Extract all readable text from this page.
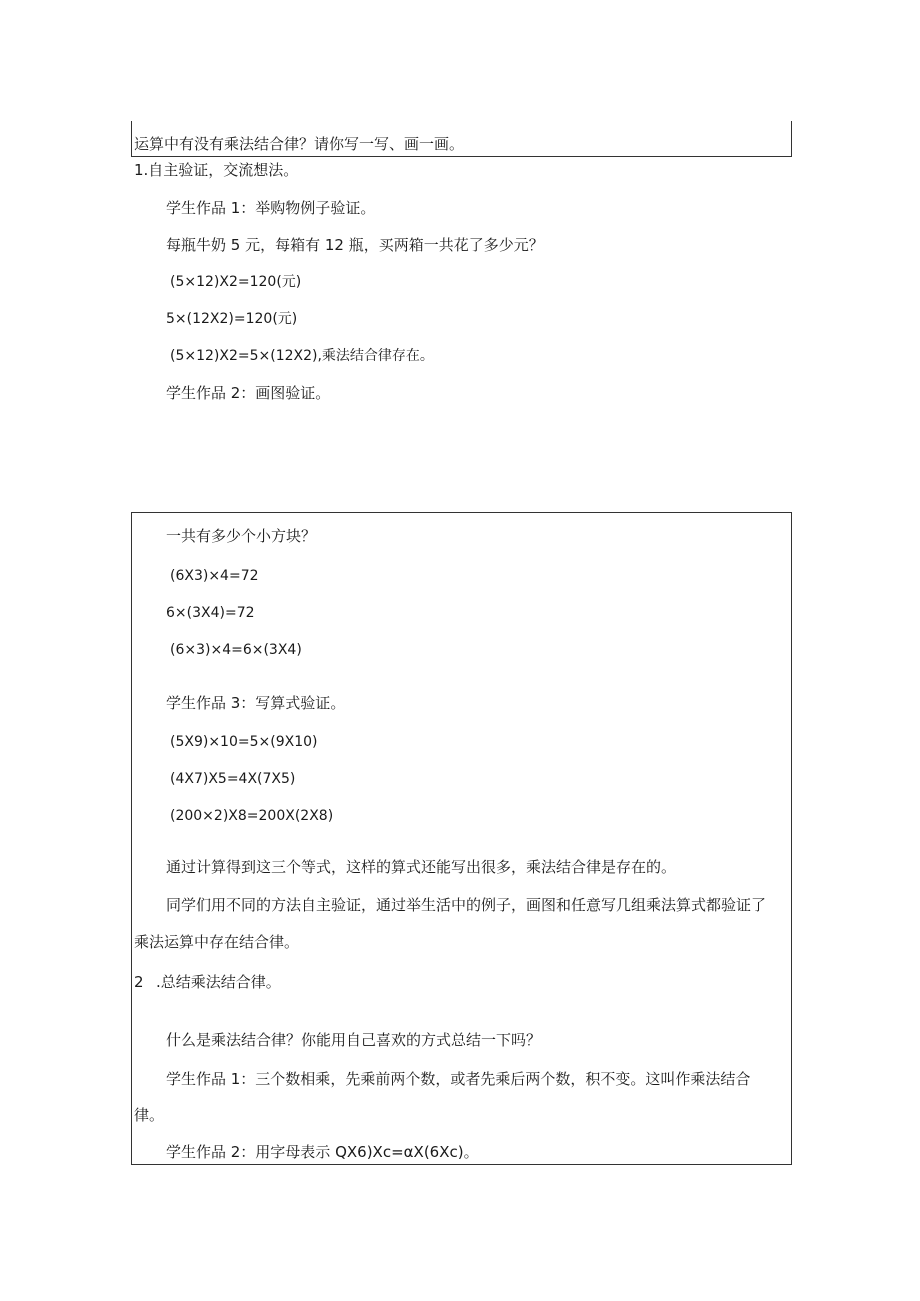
运算中有没有乘法结合律？请你写一写、画一画。
1.自主验证，交流想法。
学生作品 1：举购物例子验证。
每瓶牛奶 5 元，每箱有 12 瓶，买两箱一共花了多少元？
(5×12)X2=120(元)
5×(12X2)=120(元)
(5×12)X2=5×(12X2),乘法结合律存在。
学生作品 2：画图验证。
一共有多少个小方块？
(6X3)×4=72
6×(3X4)=72
(6×3)×4=6×(3X4)
学生作品 3：写算式验证。
(5X9)×10=5×(9X10)
(4X7)X5=4X(7X5)
(200×2)X8=200X(2X8)
通过计算得到这三个等式，这样的算式还能写出很多，乘法结合律是存在的。
同学们用不同的方法自主验证，通过举生活中的例子，画图和任意写几组乘法算式都验证了
乘法运算中存在结合律。
2 .总结乘法结合律。
什么是乘法结合律？你能用自己喜欢的方式总结一下吗？
学生作品 1：三个数相乘，先乘前两个数，或者先乘后两个数，积不变。这叫作乘法结合
律。
学生作品 2：用字母表示 QX6)Xc=αX(6Xc)。
